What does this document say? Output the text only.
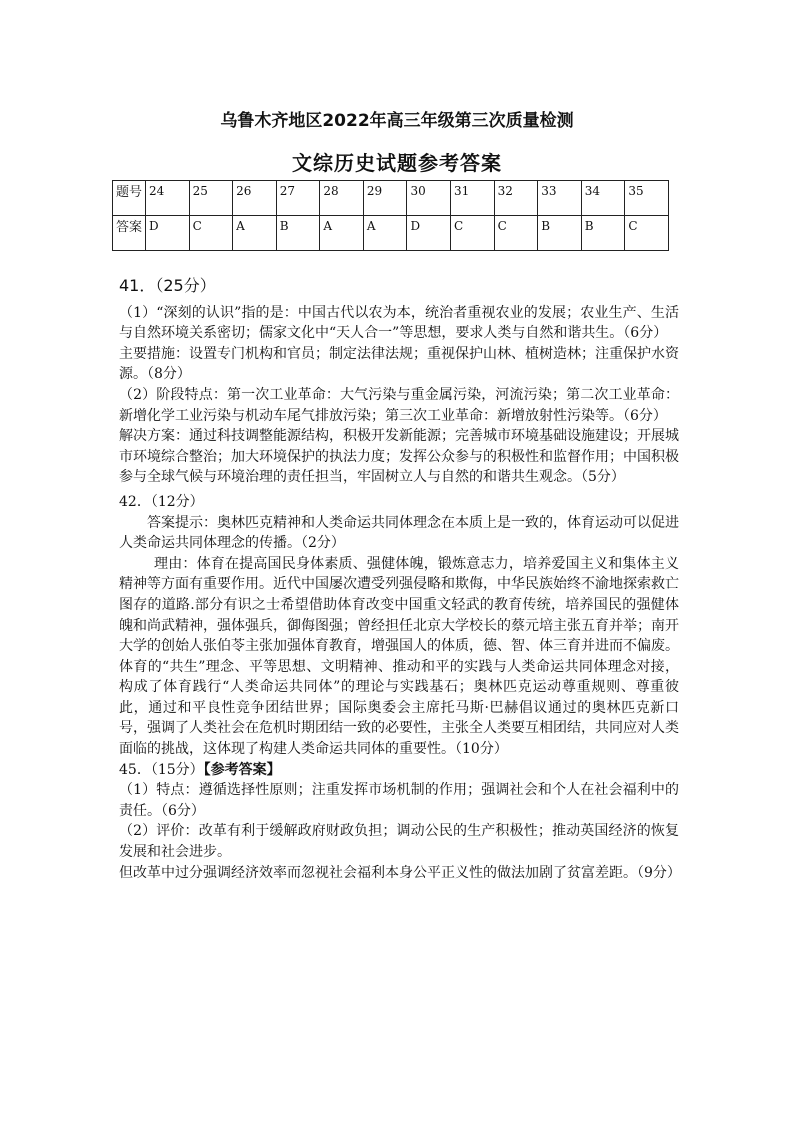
乌鲁木齐地区2022年高三年级第三次质量检测
文综历史试题参考答案
题号	24	25	26	27	28	29	30	31	32	33	34	35
答案	D	C	A	B	A	A	D	C	C	B	B	C

41．（25分）

（1）“深刻的认识”指的是：中国古代以农为本，统治者重视农业的发展；农业生产、生活与自然环境关系密切；儒家文化中“天人合一”等思想，要求人类与自然和谐共生。（6分）

主要措施：设置专门机构和官员；制定法律法规；重视保护山林、植树造林；注重保护水资源。（8分）

（2）阶段特点：第一次工业革命：大气污染与重金属污染，河流污染；第二次工业革命：新增化学工业污染与机动车尾气排放污染；第三次工业革命：新增放射性污染等。（6分）

解决方案：通过科技调整能源结构，积极开发新能源；完善城市环境基础设施建设；开展城市环境综合整治；加大环境保护的执法力度；发挥公众参与的积极性和监督作用；中国积极参与全球气候与环境治理的责任担当，牢固树立人与自然的和谐共生观念。（5分）

42．（12分）

答案提示：奥林匹克精神和人类命运共同体理念在本质上是一致的，体育运动可以促进人类命运共同体理念的传播。（2分）

理由：体育在提高国民身体素质、强健体魄，锻炼意志力，培养爱国主义和集体主义精神等方面有重要作用。近代中国屡次遭受列强侵略和欺侮，中华民族始终不渝地探索救亡图存的道路.部分有识之士希望借助体育改变中国重文轻武的教育传统，培养国民的强健体魄和尚武精神，强体强兵，御侮图强；曾经担任北京大学校长的蔡元培主张五育并举；南开大学的创始人张伯苓主张加强体育教育，增强国人的体质，德、智、体三育并进而不偏废。体育的“共生”理念、平等思想、文明精神、推动和平的实践与人类命运共同体理念对接，构成了体育践行“人类命运共同体”的理论与实践基石；奥林匹克运动尊重规则、尊重彼此，通过和平良性竞争团结世界；国际奥委会主席托马斯·巴赫倡议通过的奥林匹克新口号，强调了人类社会在危机时期团结一致的必要性，主张全人类要互相团结，共同应对人类面临的挑战，这体现了构建人类命运共同体的重要性。（10分）

45．（15分）【参考答案】

（1）特点：遵循选择性原则；注重发挥市场机制的作用；强调社会和个人在社会福利中的责任。（6分）

（2）评价：改革有利于缓解政府财政负担；调动公民的生产积极性；推动英国经济的恢复发展和社会进步。

但改革中过分强调经济效率而忽视社会福利本身公平正义性的做法加剧了贫富差距。（9分）
